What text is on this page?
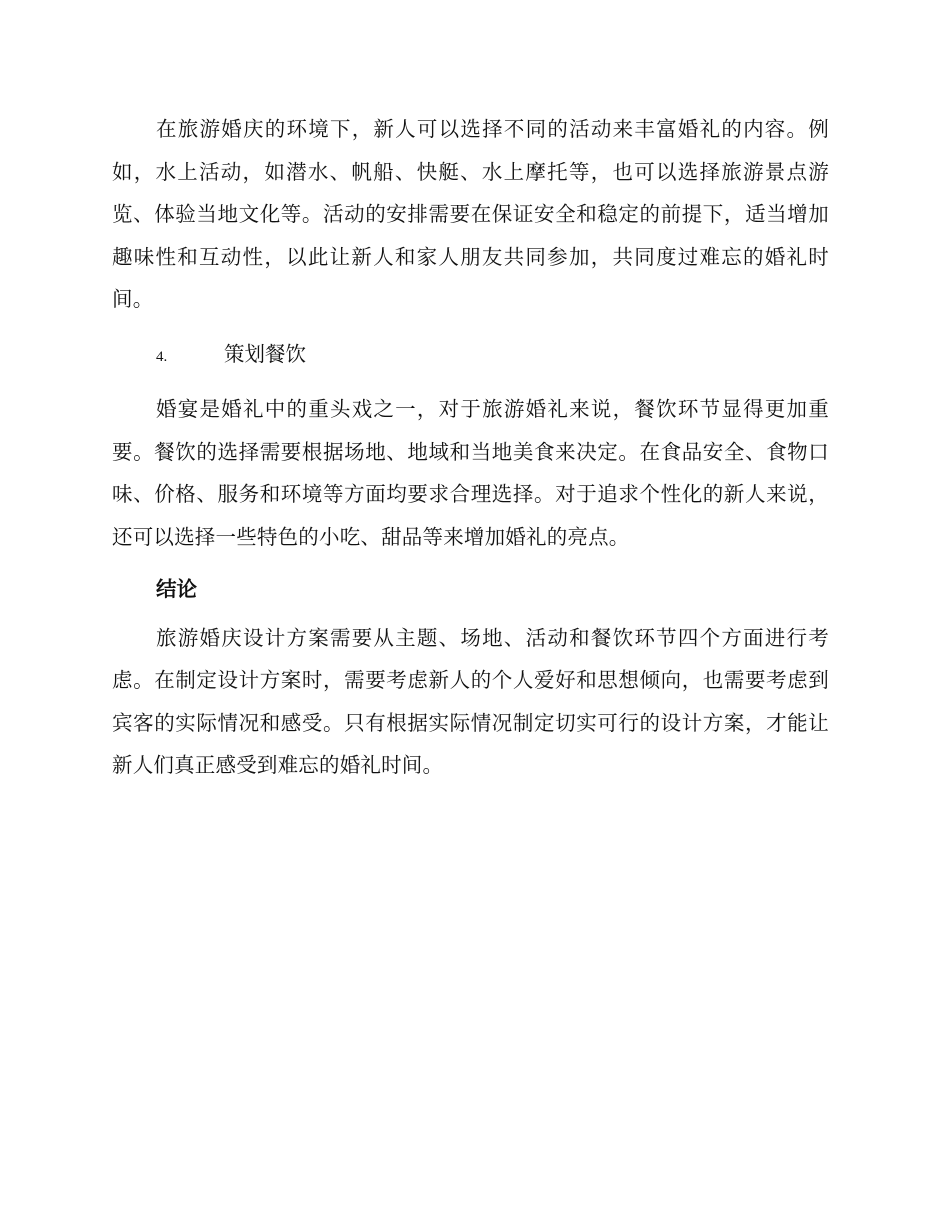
在旅游婚庆的环境下，新人可以选择不同的活动来丰富婚礼的内容。例如，水上活动，如潜水、帆船、快艇、水上摩托等，也可以选择旅游景点游览、体验当地文化等。活动的安排需要在保证安全和稳定的前提下，适当增加趣味性和互动性，以此让新人和家人朋友共同参加，共同度过难忘的婚礼时间。

4.	策划餐饮

婚宴是婚礼中的重头戏之一，对于旅游婚礼来说，餐饮环节显得更加重要。餐饮的选择需要根据场地、地域和当地美食来决定。在食品安全、食物口味、价格、服务和环境等方面均要求合理选择。对于追求个性化的新人来说，还可以选择一些特色的小吃、甜品等来增加婚礼的亮点。

结论

旅游婚庆设计方案需要从主题、场地、活动和餐饮环节四个方面进行考虑。在制定设计方案时，需要考虑新人的个人爱好和思想倾向，也需要考虑到宾客的实际情况和感受。只有根据实际情况制定切实可行的设计方案，才能让新人们真正感受到难忘的婚礼时间。
